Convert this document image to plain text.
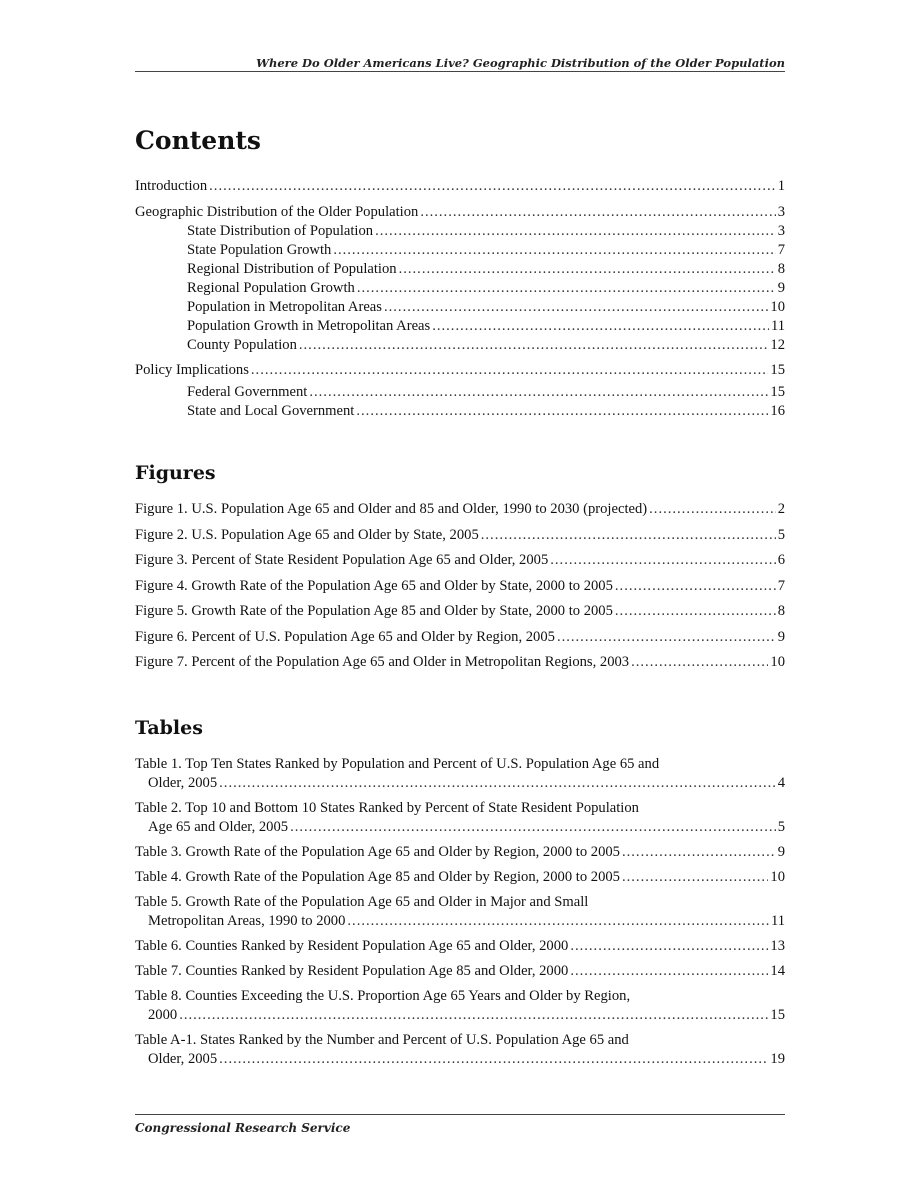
Where Do Older Americans Live? Geographic Distribution of the Older Population
Contents
Introduction .....	1
Geographic Distribution of the Older Population .....	3
State Distribution of Population .....	3
State Population Growth .....	7
Regional Distribution of Population .....	8
Regional Population Growth .....	9
Population in Metropolitan Areas .....	10
Population Growth in Metropolitan Areas .....	11
County Population .....	12
Policy Implications .....	15
Federal Government .....	15
State and Local Government .....	16
Figures
Figure 1. U.S. Population Age 65 and Older and 85 and Older, 1990 to 2030 (projected) .....	2
Figure 2. U.S. Population Age 65 and Older by State, 2005 .....	5
Figure 3. Percent of State Resident Population Age 65 and Older, 2005 .....	6
Figure 4. Growth Rate of the Population Age 65 and Older by State, 2000 to 2005 .....	7
Figure 5. Growth Rate of the Population Age 85 and Older by State, 2000 to 2005 .....	8
Figure 6. Percent of U.S. Population Age 65 and Older by Region, 2005 .....	9
Figure 7. Percent of the Population Age 65 and Older in Metropolitan Regions, 2003 .....	10
Tables
Table 1. Top Ten States Ranked by Population and Percent of U.S. Population Age 65 and
Older, 2005 .....	4
Table 2. Top 10 and Bottom 10 States Ranked by Percent of State Resident Population
Age 65 and Older, 2005 .....	5
Table 3. Growth Rate of the Population Age 65 and Older by Region, 2000 to 2005 .....	9
Table 4. Growth Rate of the Population Age 85 and Older by Region, 2000 to 2005 .....	10
Table 5. Growth Rate of the Population Age 65 and Older in Major and Small
Metropolitan Areas, 1990 to 2000 .....	11
Table 6. Counties Ranked by Resident Population Age 65 and Older, 2000 .....	13
Table 7. Counties Ranked by Resident Population Age 85 and Older, 2000 .....	14
Table 8. Counties Exceeding the U.S. Proportion Age 65 Years and Older by Region,
2000 .....	15
Table A-1. States Ranked by the Number and Percent of U.S. Population Age 65 and
Older, 2005 .....	19
Congressional Research Service
